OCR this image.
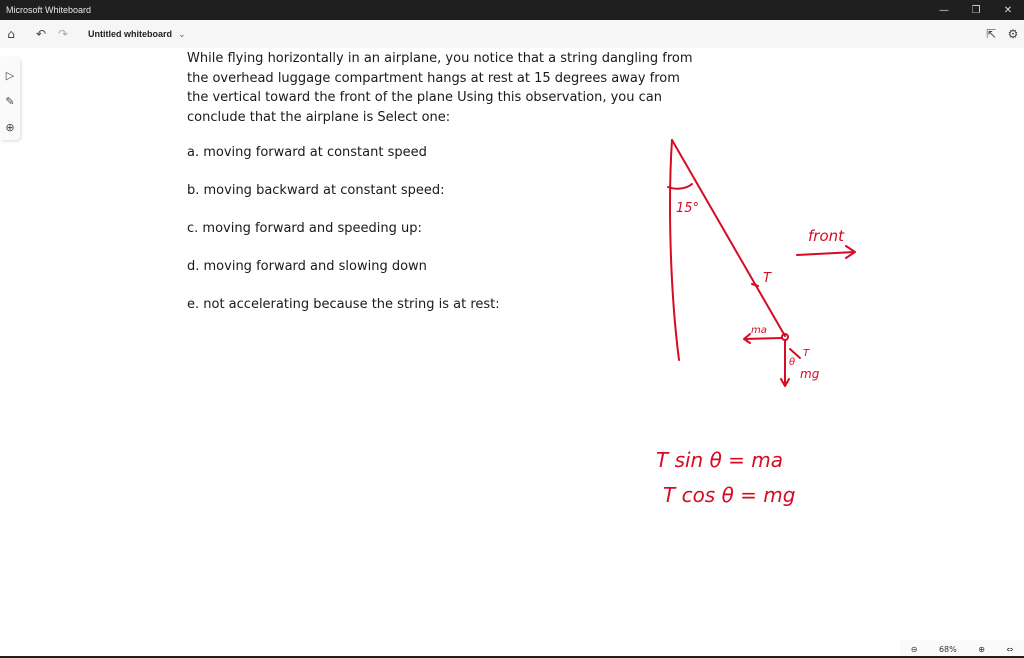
Microsoft Whiteboard	—	❐	✕
⌂	↶ ↷	Untitled whiteboard ⌄	⇱ ⚙
▷
✎
⊕

While flying horizontally in an airplane, you notice that a string dangling from

the overhead luggage compartment hangs at rest at 15 degrees away from

the vertical toward the front of the plane Using this observation, you can

conclude that the airplane is Select one:

a. moving forward at constant speed

b. moving backward at constant speed:

c. moving forward and speeding up:

d. moving forward and slowing down

e. not accelerating because the string is at rest:

15°
front
T
ma
θ
T
mg
T sin θ = ma
T cos θ = mg
⊖	68%	⊕	⇔
